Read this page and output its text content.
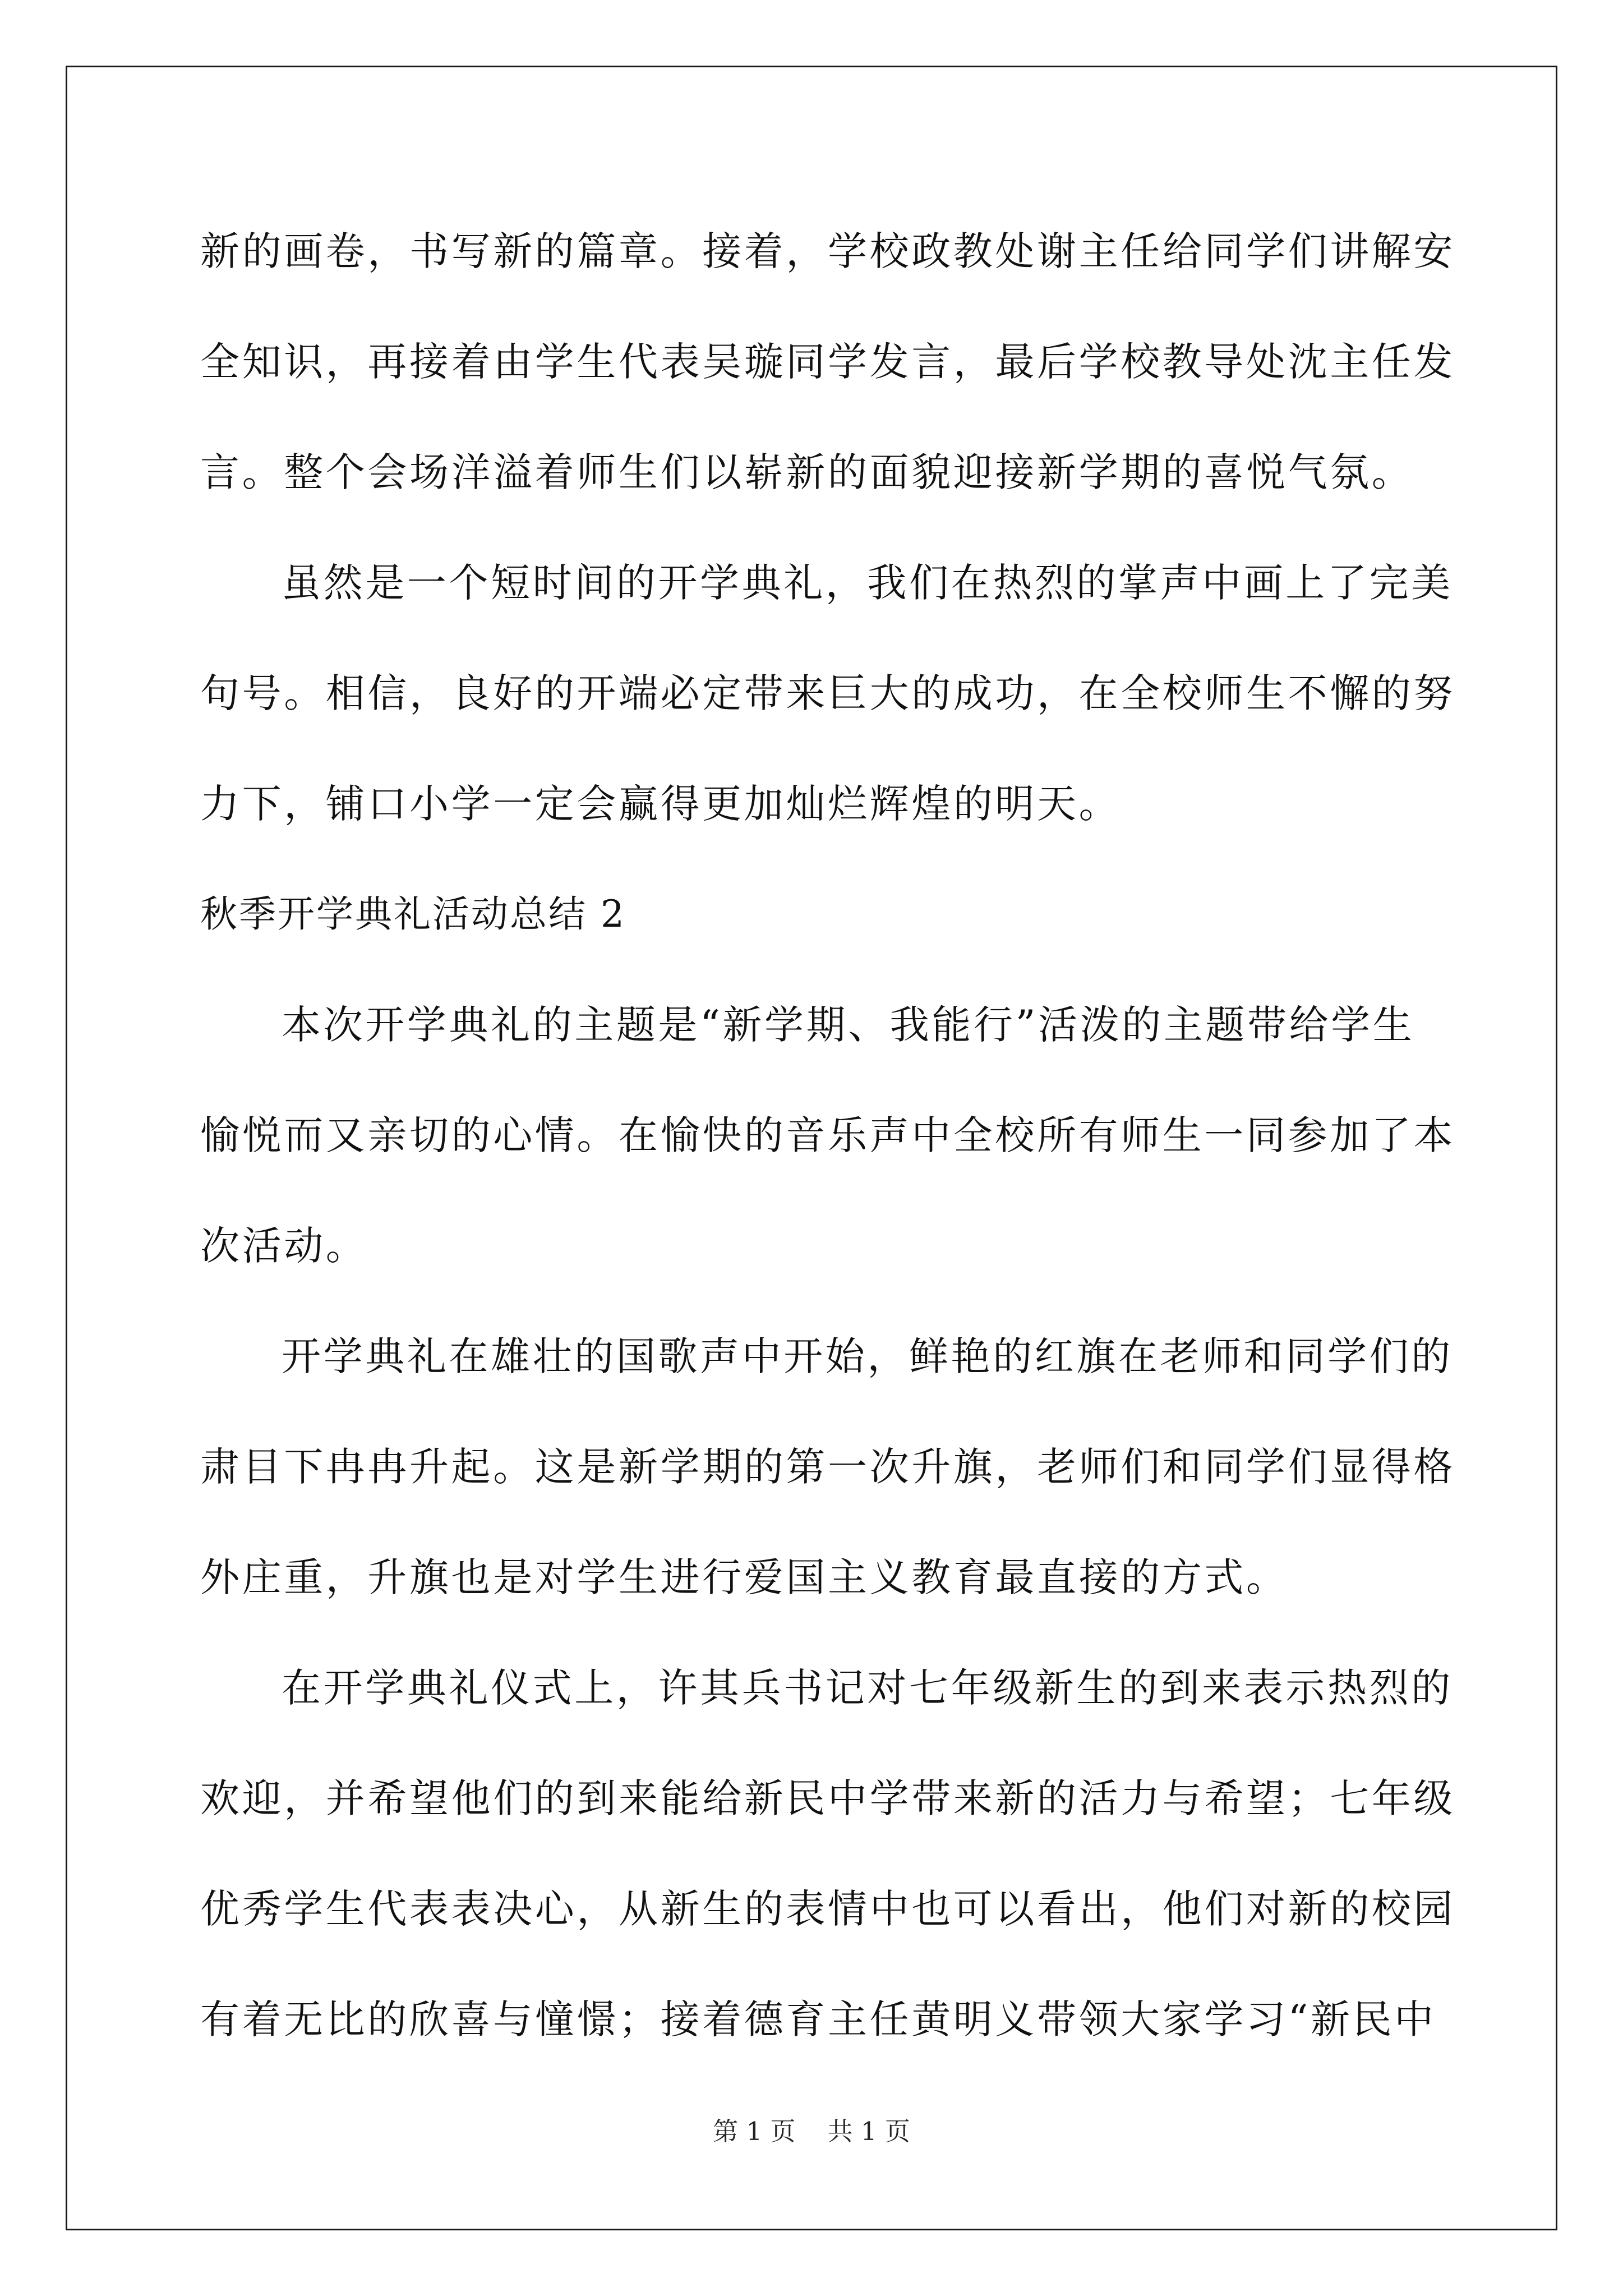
新的画卷，书写新的篇章。接着，学校政教处谢主任给同学们讲解安
全知识，再接着由学生代表吴璇同学发言，最后学校教导处沈主任发
言。整个会场洋溢着师生们以崭新的面貌迎接新学期的喜悦气氛。
虽然是一个短时间的开学典礼，我们在热烈的掌声中画上了完美
句号。相信，良好的开端必定带来巨大的成功，在全校师生不懈的努
力下，铺口小学一定会赢得更加灿烂辉煌的明天。
秋季开学典礼活动总结 2
本次开学典礼的主题是“新学期、我能行”活泼的主题带给学生
愉悦而又亲切的心情。在愉快的音乐声中全校所有师生一同参加了本
次活动。
开学典礼在雄壮的国歌声中开始，鲜艳的红旗在老师和同学们的
肃目下冉冉升起。这是新学期的第一次升旗，老师们和同学们显得格
外庄重，升旗也是对学生进行爱国主义教育最直接的方式。
在开学典礼仪式上，许其兵书记对七年级新生的到来表示热烈的
欢迎，并希望他们的到来能给新民中学带来新的活力与希望；七年级
优秀学生代表表决心，从新生的表情中也可以看出，他们对新的校园
有着无比的欣喜与憧憬；接着德育主任黄明义带领大家学习“新民中
第 1 页 共 1 页
